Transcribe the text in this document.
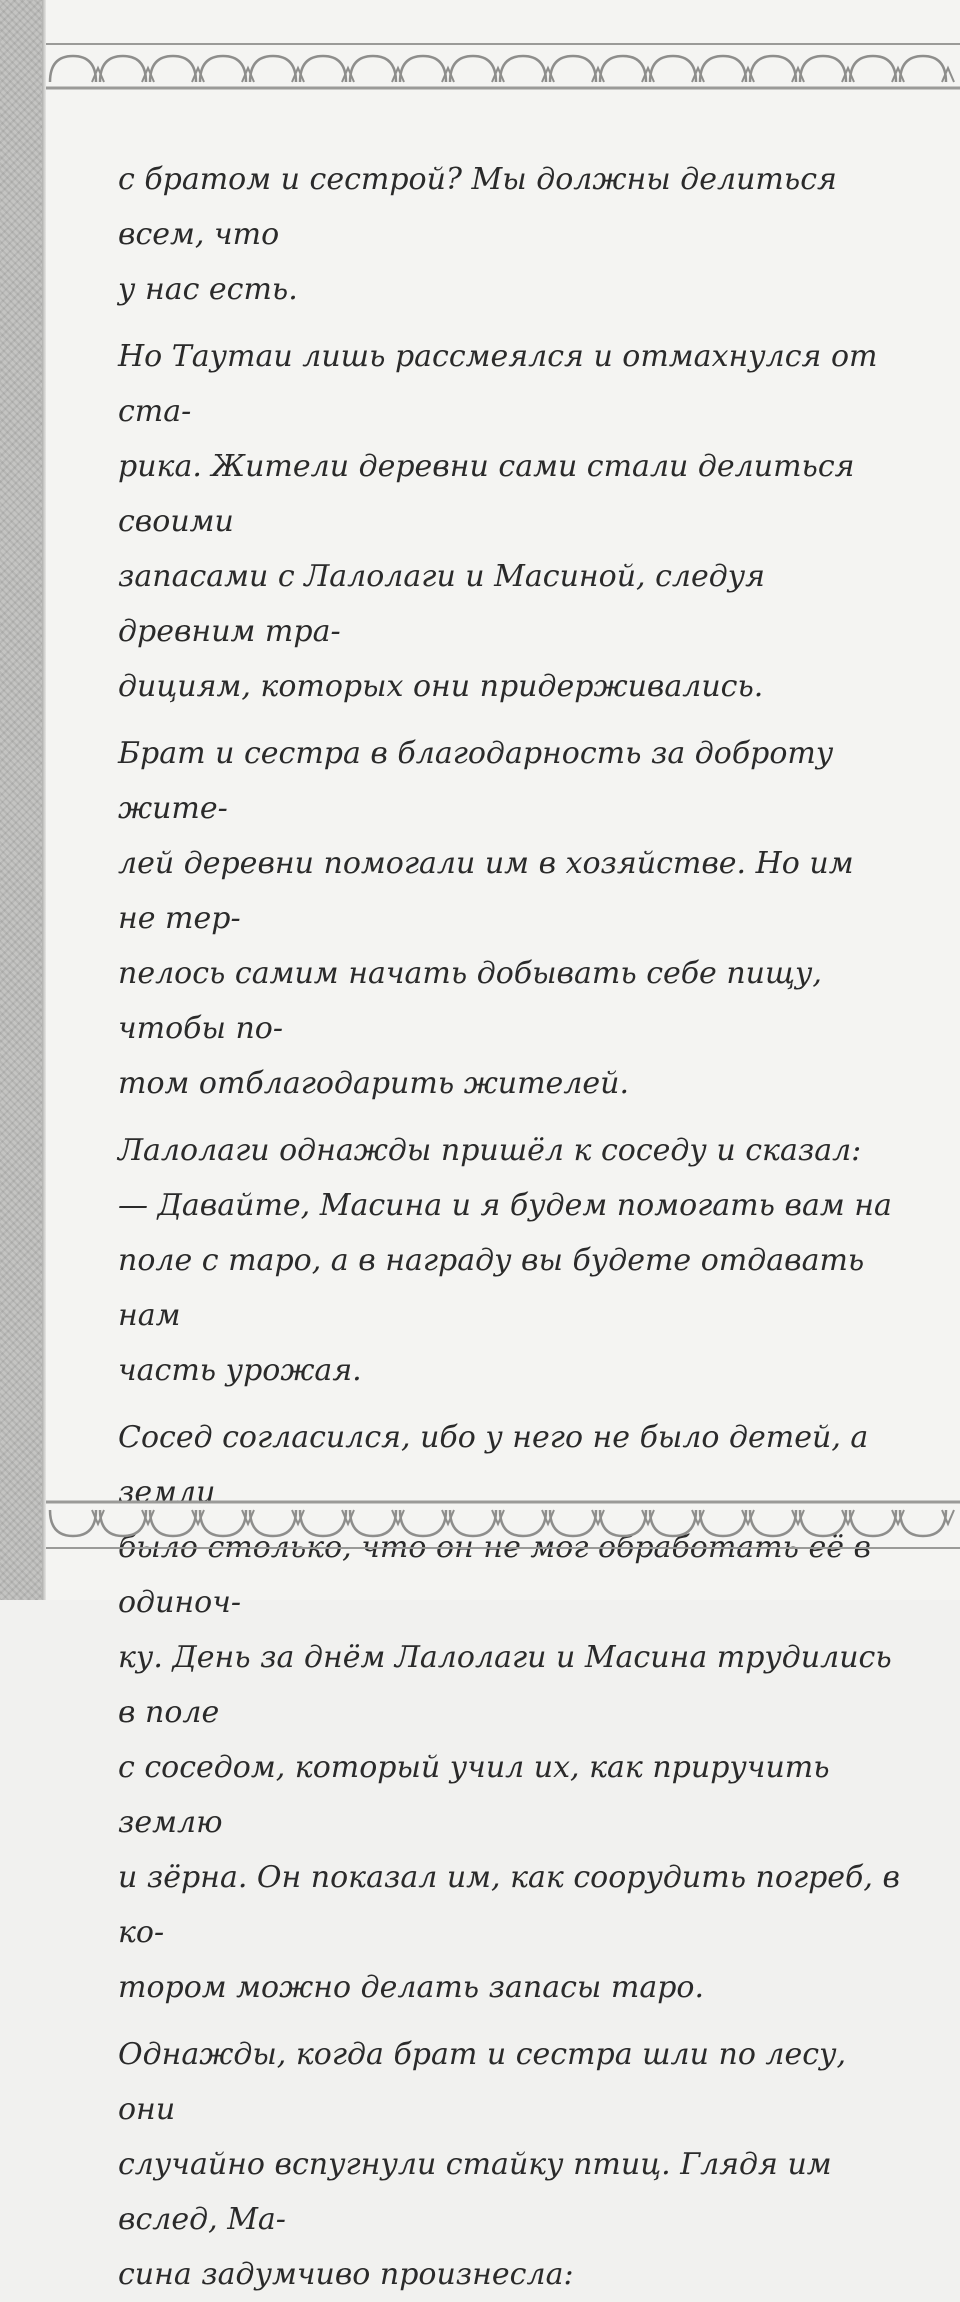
с братом и сестрой? Мы должны делиться всем, что
у нас есть.

Но Таутаи лишь рассмеялся и отмахнулся от ста-
рика. Жители деревни сами стали делиться своими
запасами с Лалолаги и Масиной, следуя древним тра-
дициям, которых они придерживались.

Брат и сестра в благодарность за доброту жите-
лей деревни помогали им в хозяйстве. Но им не тер-
пелось самим начать добывать себе пищу, чтобы по-
том отблагодарить жителей.

Лалолаги однажды пришёл к соседу и сказал:

— Давайте, Масина и я будем помогать вам на
поле с таро, а в награду вы будете отдавать нам
часть урожая.

Сосед согласился, ибо у него не было детей, а земли
было столько, что он не мог обработать её в одиноч-
ку. День за днём Лалолаги и Масина трудились в поле
с соседом, который учил их, как приручить землю
и зёрна. Он показал им, как соорудить погреб, в ко-
тором можно делать запасы таро.

Однажды, когда брат и сестра шли по лесу, они
случайно вспугнули стайку птиц. Глядя им вслед, Ма-
сина задумчиво произнесла:
